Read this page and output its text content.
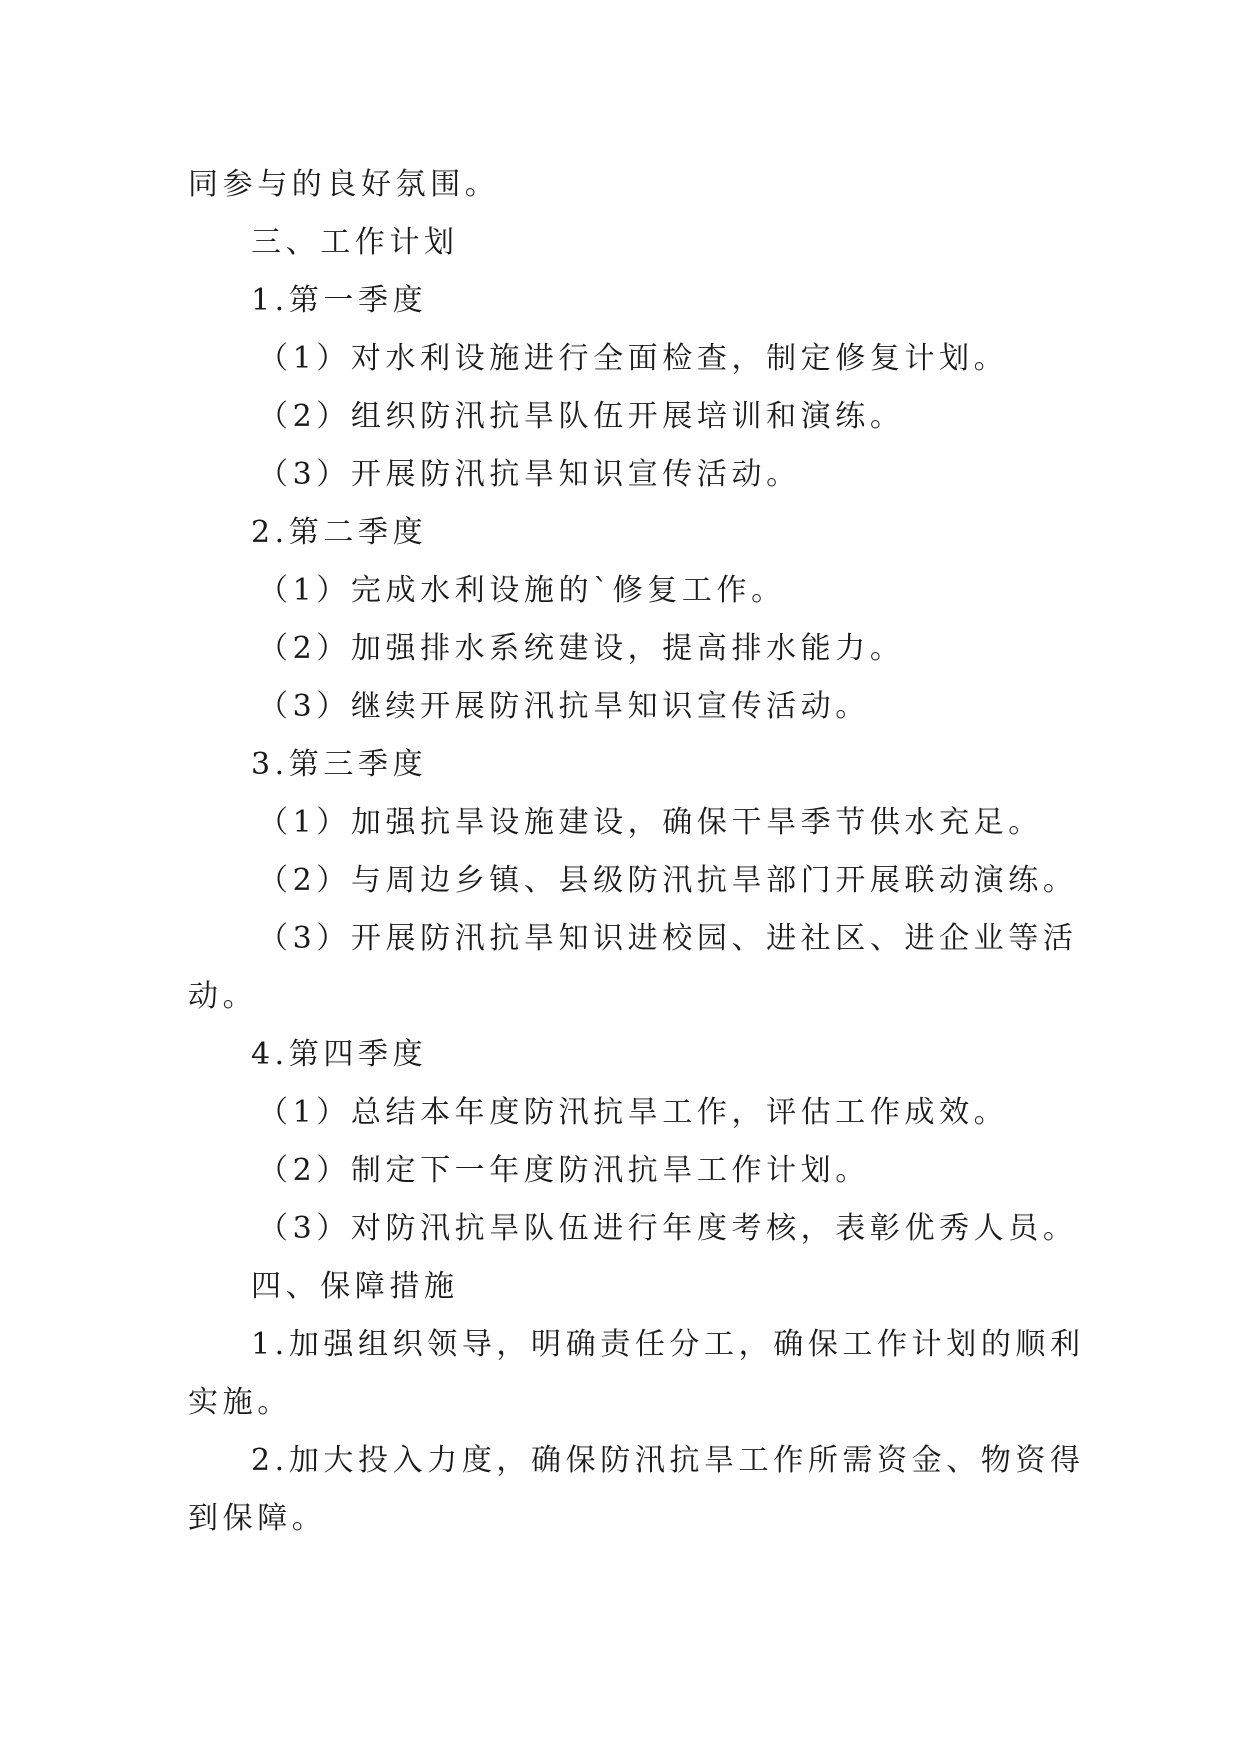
同参与的良好氛围。
三、工作计划
1.第一季度
（1）对水利设施进行全面检查，制定修复计划。
（2）组织防汛抗旱队伍开展培训和演练。
（3）开展防汛抗旱知识宣传活动。
2.第二季度
（1）完成水利设施的`修复工作。
（2）加强排水系统建设，提高排水能力。
（3）继续开展防汛抗旱知识宣传活动。
3.第三季度
（1）加强抗旱设施建设，确保干旱季节供水充足。
（2）与周边乡镇、县级防汛抗旱部门开展联动演练。
（3）开展防汛抗旱知识进校园、进社区、进企业等活
动。
4.第四季度
（1）总结本年度防汛抗旱工作，评估工作成效。
（2）制定下一年度防汛抗旱工作计划。
（3）对防汛抗旱队伍进行年度考核，表彰优秀人员。
四、保障措施
1.加强组织领导，明确责任分工，确保工作计划的顺利
实施。
2.加大投入力度，确保防汛抗旱工作所需资金、物资得
到保障。
